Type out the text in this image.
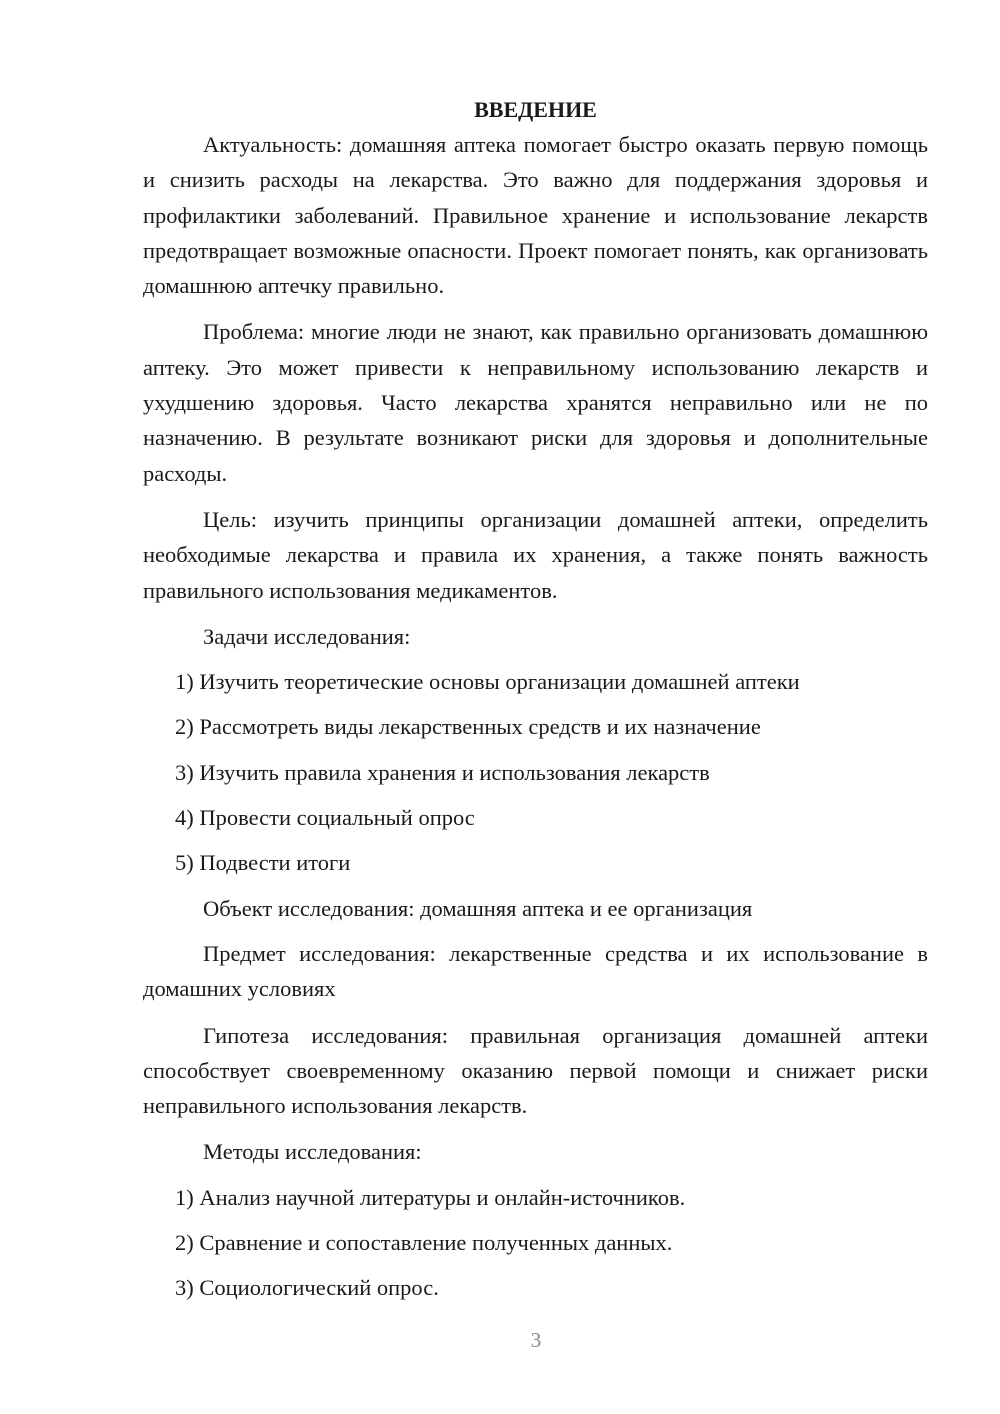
ВВЕДЕНИЕ

Актуальность: домашняя аптека помогает быстро оказать первую помощь и снизить расходы на лекарства. Это важно для поддержания здоровья и профилактики заболеваний. Правильное хранение и использование лекарств предотвращает возможные опасности. Проект помогает понять, как организовать домашнюю аптечку правильно.

Проблема: многие люди не знают, как правильно организовать домашнюю аптеку. Это может привести к неправильному использованию лекарств и ухудшению здоровья. Часто лекарства хранятся неправильно или не по назначению. В результате возникают риски для здоровья и дополнительные расходы.

Цель: изучить принципы организации домашней аптеки, определить необходимые лекарства и правила их хранения, а также понять важность правильного использования медикаментов.

Задачи исследования:

1) Изучить теоретические основы организации домашней аптеки

2) Рассмотреть виды лекарственных средств и их назначение

3) Изучить правила хранения и использования лекарств

4) Провести социальный опрос

5) Подвести итоги

Объект исследования: домашняя аптека и ее организация

Предмет исследования: лекарственные средства и их использование в домашних условиях

Гипотеза исследования: правильная организация домашней аптеки способствует своевременному оказанию первой помощи и снижает риски неправильного использования лекарств.

Методы исследования:

1) Анализ научной литературы и онлайн-источников.

2) Сравнение и сопоставление полученных данных.

3) Социологический опрос.

3
